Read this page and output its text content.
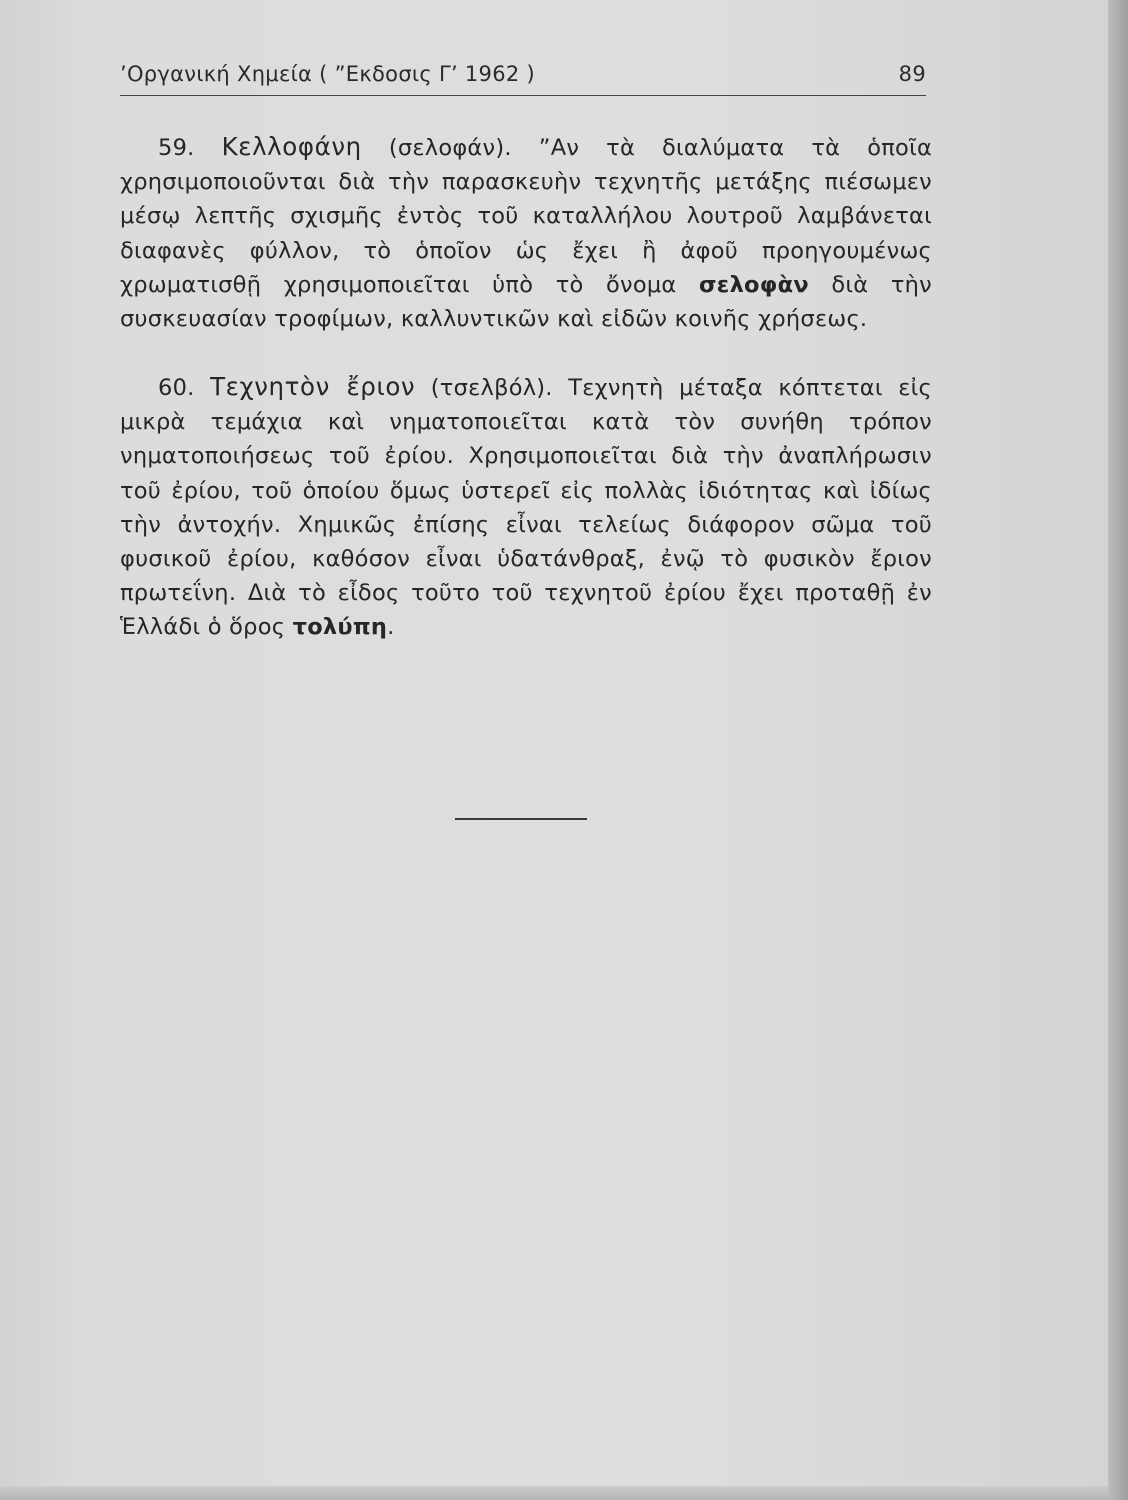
’Οργανική Χημεία ( ”Εκδοσις Γ’ 1962 )	89

59. Κελλοφάνη (σελοφάν). ”Αν τὰ διαλύματα τὰ ὁποῖα χρησιμοποιοῦνται διὰ τὴν παρασκευὴν τεχνητῆς μετάξης πιέσωμεν μέσῳ λεπτῆς σχισμῆς ἐντὸς τοῦ καταλλήλου λουτροῦ λαμβάνεται διαφανὲς φύλλον, τὸ ὁποῖον ὡς ἔχει ἢ ἀφοῦ προηγουμένως χρωματισθῇ χρησιμοποιεῖται ὑπὸ τὸ ὄνομα σελοφὰν διὰ τὴν συσκευασίαν τροφίμων, καλλυντικῶν καὶ εἰδῶν κοινῆς χρήσεως.

60. Τεχνητὸν ἔριον (τσελβόλ). Τεχνητὴ μέταξα κόπτεται εἰς μικρὰ τεμάχια καὶ νηματοποιεῖται κατὰ τὸν συνήθη τρόπον νηματοποιήσεως τοῦ ἐρίου. Χρησιμοποιεῖται διὰ τὴν ἀναπλήρωσιν τοῦ ἐρίου, τοῦ ὁποίου ὅμως ὑστερεῖ εἰς πολλὰς ἰδιότητας καὶ ἰδίως τὴν ἀντοχήν. Χημικῶς ἐπίσης εἶναι τελείως διάφορον σῶμα τοῦ φυσικοῦ ἐρίου, καθόσον εἶναι ὑδατάνθραξ, ἐνῷ τὸ φυσικὸν ἔριον πρωτεΐνη. Διὰ τὸ εἶδος τοῦτο τοῦ τεχνητοῦ ἐρίου ἔχει προταθῇ ἐν Ἑλλάδι ὁ ὅρος τολύπη.
